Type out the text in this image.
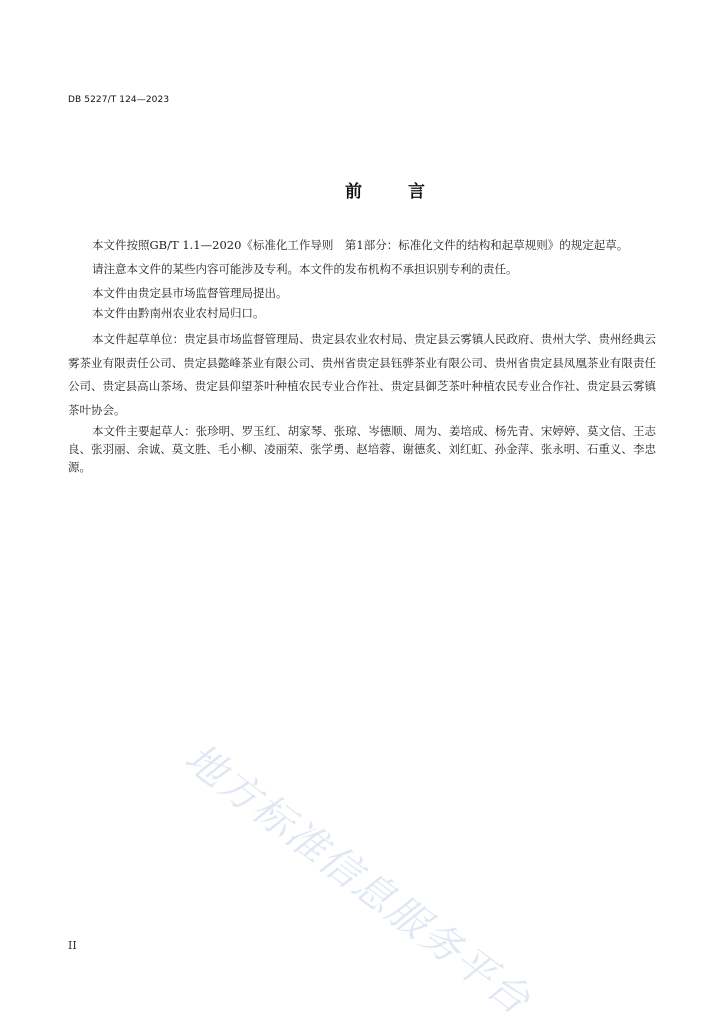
DB 5227/T 124—2023
前言

本文件按照GB/T 1.1—2020《标准化工作导则　第1部分：标准化文件的结构和起草规则》的规定起草。

请注意本文件的某些内容可能涉及专利。本文件的发布机构不承担识别专利的责任。

本文件由贵定县市场监督管理局提出。

本文件由黔南州农业农村局归口。

本文件起草单位：贵定县市场监督管理局、贵定县农业农村局、贵定县云雾镇人民政府、贵州大学、贵州经典云雾茶业有限责任公司、贵定县懿峰茶业有限公司、贵州省贵定县钰骅茶业有限公司、贵州省贵定县凤凰茶业有限责任公司、贵定县高山茶场、贵定县仰望茶叶种植农民专业合作社、贵定县御芝茶叶种植农民专业合作社、贵定县云雾镇茶叶协会。

本文件主要起草人：张珍明、罗玉红、胡家琴、张琼、岑德顺、周为、姜培成、杨先青、宋婷婷、莫文信、王志良、张羽丽、余诚、莫文胜、毛小柳、凌丽荣、张学勇、赵培蓉、谢德炙、刘红虹、孙金萍、张永明、石重义、李忠源。

地方标准信息服务平台
II
